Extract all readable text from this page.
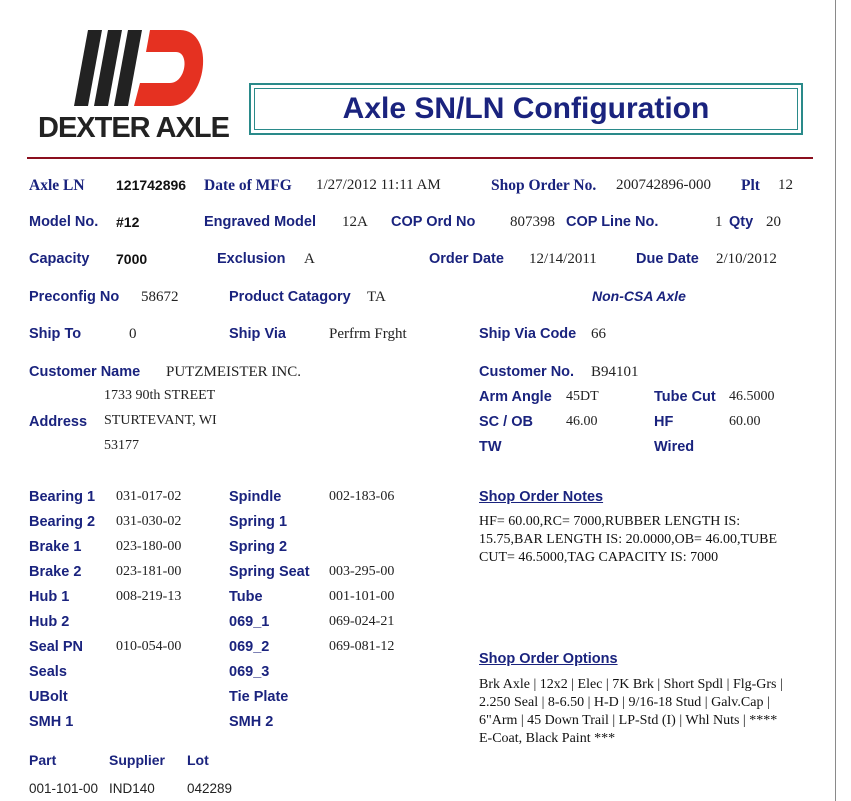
DEXTER AXLE
Axle SN/LN Configuration
Axle LN 121742896 Date of MFG 1/27/2012 11:11 AM	Shop Order No. 200742896-000 Plt 12
Model No. #12	Engraved Model 12A COP Ord No 807398 COP Line No.	1 Qty 20
Capacity 7000	Exclusion A	Order Date 12/14/2011	Due Date 2/10/2012
Preconfig No 58672	Product Catagory TA	Non-CSA Axle
Ship To	0	Ship Via	Perfrm Frght	Ship Via Code 66
Customer Name PUTZMEISTER INC.
1733 90th STREET
Address STURTEVANT, WI
53177
Customer No. B94101
Arm Angle 45DT	Tube Cut 46.5000
SC / OB 46.00	HF	60.00
TW	Wired
Bearing 1 031-017-02
Bearing 2 031-030-02
Brake 1 023-180-00
Brake 2 023-181-00
Hub 1	008-219-13
Hub 2
Seal PN 010-054-00
Seals
UBolt
SMH 1
Spindle	002-183-06
Spring 1
Spring 2
Spring Seat 003-295-00
Tube	001-101-00
069_1	069-024-21
069_2	069-081-12
069_3
Tie Plate
SMH 2
Shop Order Notes
HF= 60.00,RC= 7000,RUBBER LENGTH IS:
15.75,BAR LENGTH IS: 20.0000,OB= 46.00,TUBE
CUT= 46.5000,TAG CAPACITY IS: 7000
Shop Order Options
Brk Axle | 12x2 | Elec | 7K Brk | Short Spdl | Flg-Grs |
2.250 Seal | 8-6.50 | H-D | 9/16-18 Stud | Galv.Cap |
6"Arm | 45 Down Trail | LP-Std (I) | Whl Nuts | ****
E-Coat, Black Paint ***
Part	Supplier Lot
001-101-00 IND140 042289
